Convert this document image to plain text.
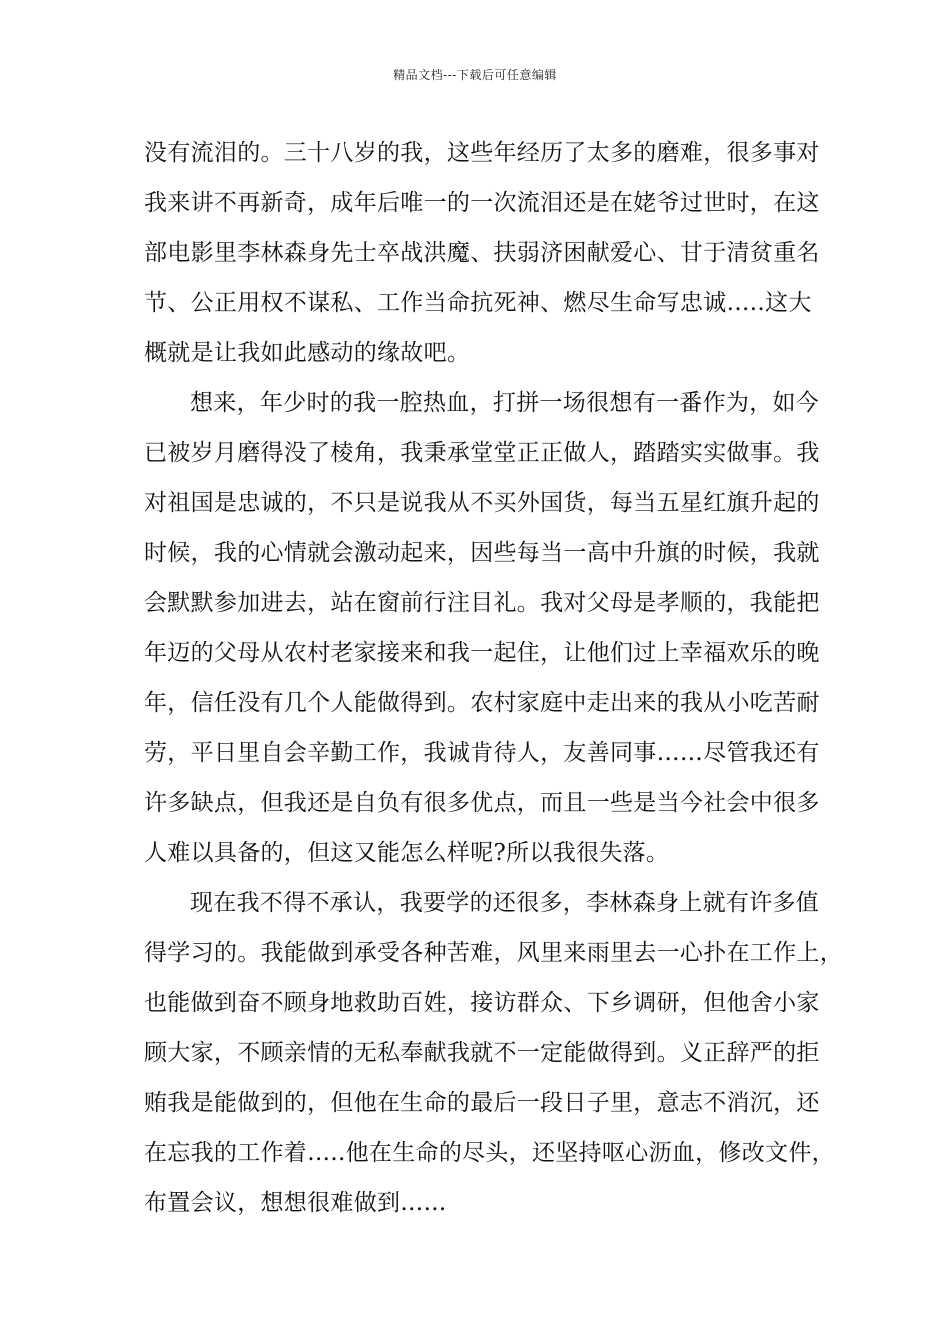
精品文档---下载后可任意编辑
没有流泪的。三十八岁的我，这些年经历了太多的磨难，很多事对
我来讲不再新奇，成年后唯一的一次流泪还是在姥爷过世时，在这
部电影里李林森身先士卒战洪魔、扶弱济困献爱心、甘于清贫重名
节、公正用权不谋私、工作当命抗死神、燃尽生命写忠诚…..这大
概就是让我如此感动的缘故吧。
想来，年少时的我一腔热血，打拼一场很想有一番作为，如今
已被岁月磨得没了棱角，我秉承堂堂正正做人，踏踏实实做事。我
对祖国是忠诚的，不只是说我从不买外国货，每当五星红旗升起的
时候，我的心情就会激动起来，因些每当一高中升旗的时候，我就
会默默参加进去，站在窗前行注目礼。我对父母是孝顺的，我能把
年迈的父母从农村老家接来和我一起住，让他们过上幸福欢乐的晚
年，信任没有几个人能做得到。农村家庭中走出来的我从小吃苦耐
劳，平日里自会辛勤工作，我诚肯待人，友善同事……尽管我还有
许多缺点，但我还是自负有很多优点，而且一些是当今社会中很多
人难以具备的，但这又能怎么样呢?所以我很失落。
现在我不得不承认，我要学的还很多，李林森身上就有许多值
得学习的。我能做到承受各种苦难，风里来雨里去一心扑在工作上，
也能做到奋不顾身地救助百姓，接访群众、下乡调研，但他舍小家
顾大家，不顾亲情的无私奉献我就不一定能做得到。义正辞严的拒
贿我是能做到的，但他在生命的最后一段日子里，意志不消沉，还
在忘我的工作着…..他在生命的尽头，还坚持呕心沥血，修改文件，
布置会议，想想很难做到…...
